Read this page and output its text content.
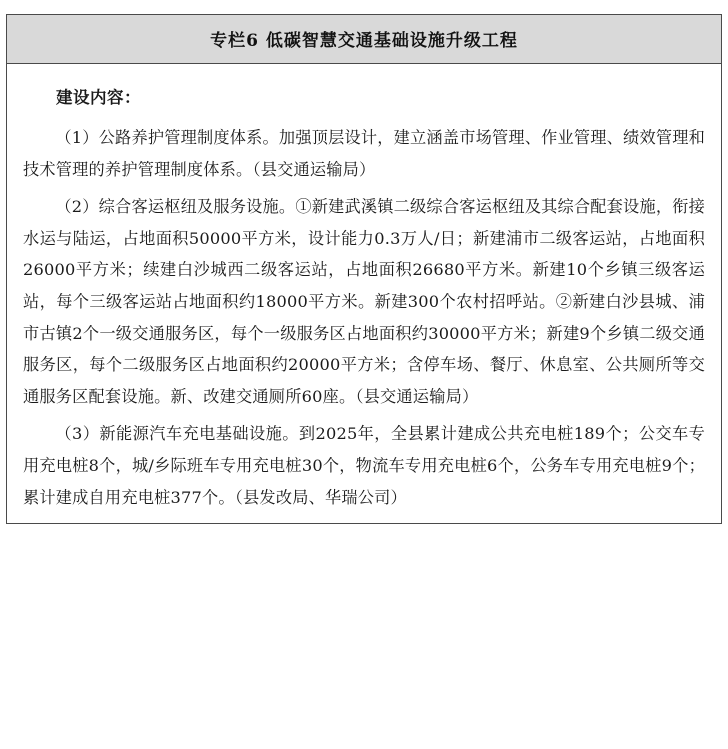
专栏6 低碳智慧交通基础设施升级工程
建设内容：

（1）公路养护管理制度体系。加强顶层设计，建立涵盖市场管理、作业管理、绩效管理和技术管理的养护管理制度体系。（县交通运输局）

（2）综合客运枢纽及服务设施。①新建武溪镇二级综合客运枢纽及其综合配套设施，衔接水运与陆运，占地面积50000平方米，设计能力0.3万人/日；新建浦市二级客运站，占地面积26000平方米；续建白沙城西二级客运站，占地面积26680平方米。新建10个乡镇三级客运站，每个三级客运站占地面积约18000平方米。新建300个农村招呼站。②新建白沙县城、浦市古镇2个一级交通服务区，每个一级服务区占地面积约30000平方米；新建9个乡镇二级交通服务区，每个二级服务区占地面积约20000平方米；含停车场、餐厅、休息室、公共厕所等交通服务区配套设施。新、改建交通厕所60座。（县交通运输局）

（3）新能源汽车充电基础设施。到2025年，全县累计建成公共充电桩189个；公交车专用充电桩8个，城/乡际班车专用充电桩30个，物流车专用充电桩6个，公务车专用充电桩9个；累计建成自用充电桩377个。（县发改局、华瑞公司）
